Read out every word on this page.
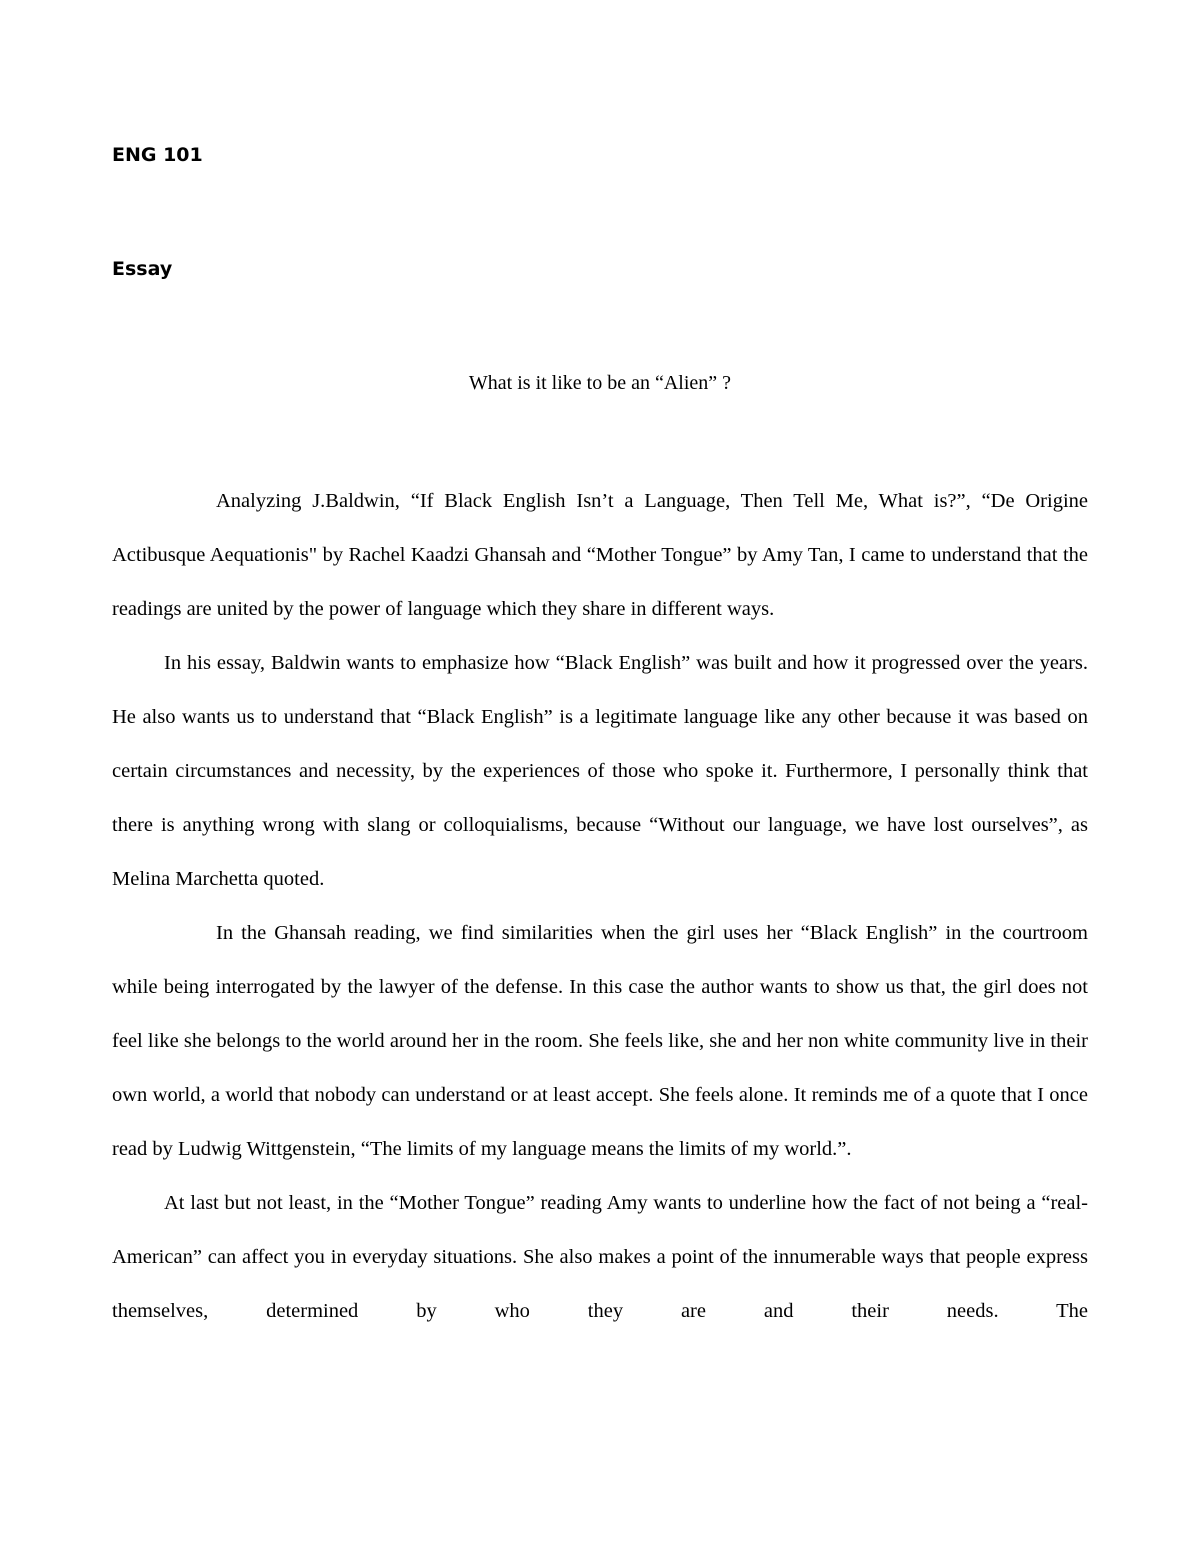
ENG 101

Essay

What is it like to be an “Alien” ?

Analyzing J.Baldwin, “If Black English Isn’t a Language, Then Tell Me, What is?”, “De Origine Actibusque Aequationis" by Rachel Kaadzi Ghansah and “Mother Tongue” by Amy Tan, I came to understand that the readings are united by the power of language which they share in different ways.

In his essay, Baldwin wants to emphasize how “Black English” was built and how it progressed over the years. He also wants us to understand that “Black English” is a legitimate language like any other because it was based on certain circumstances and necessity, by the experiences of those who spoke it. Furthermore, I personally think that there is anything wrong with slang or colloquialisms, because “Without our language, we have lost ourselves”, as Melina Marchetta quoted.

In the Ghansah reading, we find similarities when the girl uses her “Black English” in the courtroom while being interrogated by the lawyer of the defense. In this case the author wants to show us that, the girl does not feel like she belongs to the world around her in the room. She feels like, she and her non white community live in their own world, a world that nobody can understand or at least accept. She feels alone. It reminds me of a quote that I once read by Ludwig Wittgenstein, “The limits of my language means the limits of my world.”.

At last but not least, in the “Mother Tongue” reading Amy wants to underline how the fact of not being a “real-American” can affect you in everyday situations. She also makes a point of the innumerable ways that people express themselves, determined by who they are and their needs. The
